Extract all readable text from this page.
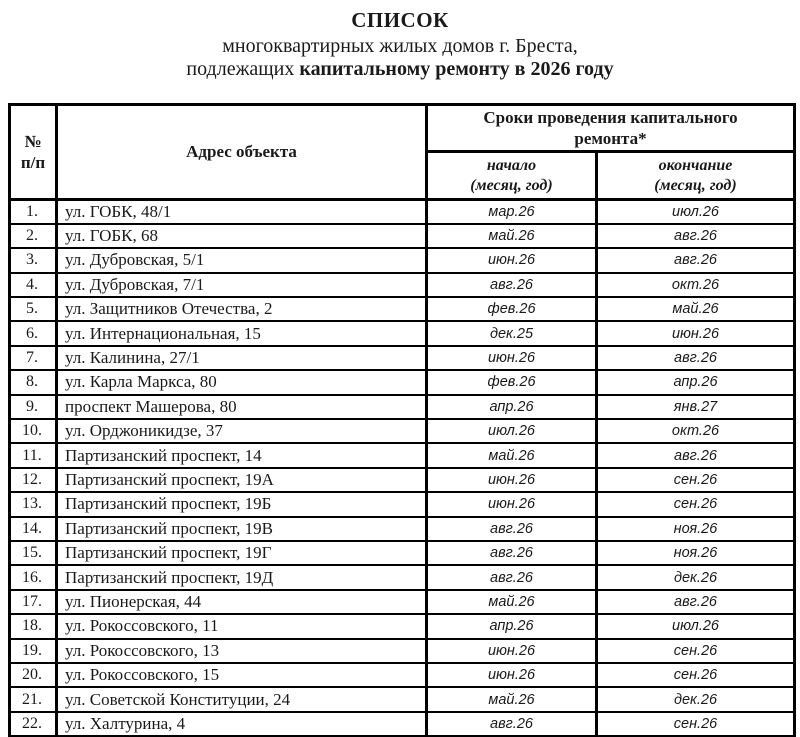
СПИСОК
многоквартирных жилых домов г. Бреста,
подлежащих капитальному ремонту в 2026 году
№
п/п	Адрес объекта	Сроки проведения капитального ремонта*	

начало
(месяц, год)

окончание
(месяц, год)

1.	ул. ГОБК, 48/1	мар.26	июл.26
2.	ул. ГОБК, 68	май.26	авг.26
3.	ул. Дубровская, 5/1	июн.26	авг.26
4.	ул. Дубровская, 7/1	авг.26	окт.26
5.	ул. Защитников Отечества, 2	фев.26	май.26
6.	ул. Интернациональная, 15	дек.25	июн.26
7.	ул. Калинина, 27/1	июн.26	авг.26
8.	ул. Карла Маркса, 80	фев.26	апр.26
9.	проспект Машерова, 80	апр.26	янв.27
10.	ул. Орджоникидзе, 37	июл.26	окт.26
11.	Партизанский проспект, 14	май.26	авг.26
12.	Партизанский проспект, 19А	июн.26	сен.26
13.	Партизанский проспект, 19Б	июн.26	сен.26
14.	Партизанский проспект, 19В	авг.26	ноя.26
15.	Партизанский проспект, 19Г	авг.26	ноя.26
16.	Партизанский проспект, 19Д	авг.26	дек.26
17.	ул. Пионерская, 44	май.26	авг.26
18.	ул. Рокоссовского, 11	апр.26	июл.26
19.	ул. Рокоссовского, 13	июн.26	сен.26
20.	ул. Рокоссовского, 15	июн.26	сен.26
21.	ул. Советской Конституции, 24	май.26	дек.26
22.	ул. Халтурина, 4	авг.26	сен.26
